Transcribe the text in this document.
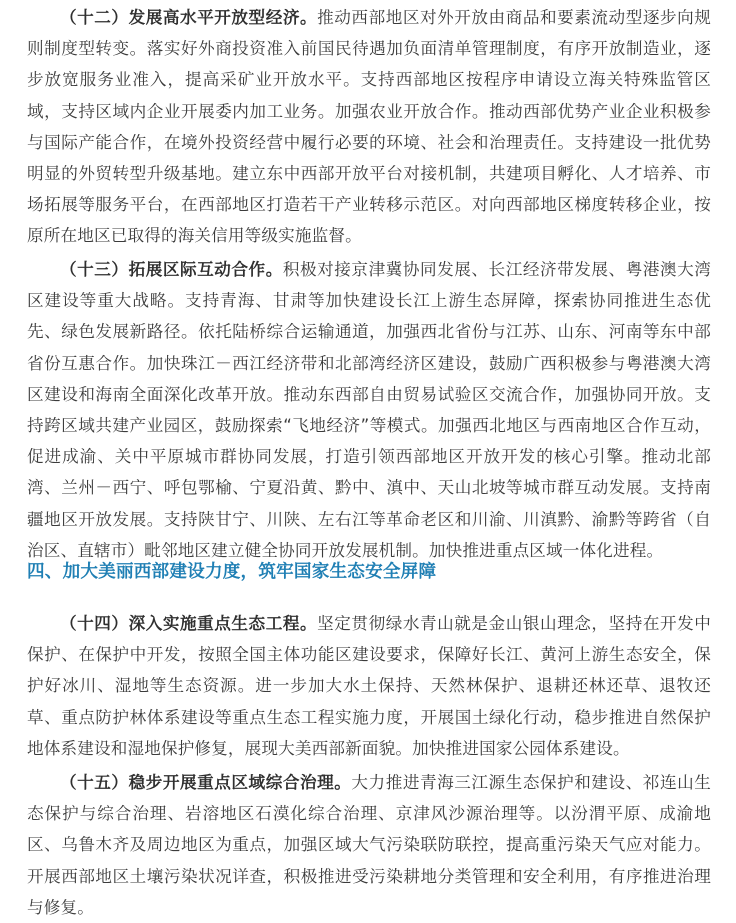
（十二）发展高水平开放型经济。推动西部地区对外开放由商品和要素流动型逐步向规则制度型转变。落实好外商投资准入前国民待遇加负面清单管理制度，有序开放制造业，逐步放宽服务业准入，提高采矿业开放水平。支持西部地区按程序申请设立海关特殊监管区域，支持区域内企业开展委内加工业务。加强农业开放合作。推动西部优势产业企业积极参与国际产能合作，在境外投资经营中履行必要的环境、社会和治理责任。支持建设一批优势明显的外贸转型升级基地。建立东中西部开放平台对接机制，共建项目孵化、人才培养、市场拓展等服务平台，在西部地区打造若干产业转移示范区。对向西部地区梯度转移企业，按原所在地区已取得的海关信用等级实施监督。

（十三）拓展区际互动合作。积极对接京津冀协同发展、长江经济带发展、粤港澳大湾区建设等重大战略。支持青海、甘肃等加快建设长江上游生态屏障，探索协同推进生态优先、绿色发展新路径。依托陆桥综合运输通道，加强西北省份与江苏、山东、河南等东中部省份互惠合作。加快珠江－西江经济带和北部湾经济区建设，鼓励广西积极参与粤港澳大湾区建设和海南全面深化改革开放。推动东西部自由贸易试验区交流合作，加强协同开放。支持跨区域共建产业园区，鼓励探索“飞地经济”等模式。加强西北地区与西南地区合作互动，促进成渝、关中平原城市群协同发展，打造引领西部地区开放开发的核心引擎。推动北部湾、兰州－西宁、呼包鄂榆、宁夏沿黄、黔中、滇中、天山北坡等城市群互动发展。支持南疆地区开放发展。支持陕甘宁、川陕、左右江等革命老区和川渝、川滇黔、渝黔等跨省（自治区、直辖市）毗邻地区建立健全协同开放发展机制。加快推进重点区域一体化进程。

四、加大美丽西部建设力度，筑牢国家生态安全屏障

（十四）深入实施重点生态工程。坚定贯彻绿水青山就是金山银山理念，坚持在开发中保护、在保护中开发，按照全国主体功能区建设要求，保障好长江、黄河上游生态安全，保护好冰川、湿地等生态资源。进一步加大水土保持、天然林保护、退耕还林还草、退牧还草、重点防护林体系建设等重点生态工程实施力度，开展国土绿化行动，稳步推进自然保护地体系建设和湿地保护修复，展现大美西部新面貌。加快推进国家公园体系建设。

（十五）稳步开展重点区域综合治理。大力推进青海三江源生态保护和建设、祁连山生态保护与综合治理、岩溶地区石漠化综合治理、京津风沙源治理等。以汾渭平原、成渝地区、乌鲁木齐及周边地区为重点，加强区域大气污染联防联控，提高重污染天气应对能力。开展西部地区土壤污染状况详查，积极推进受污染耕地分类管理和安全利用，有序推进治理与修复。
